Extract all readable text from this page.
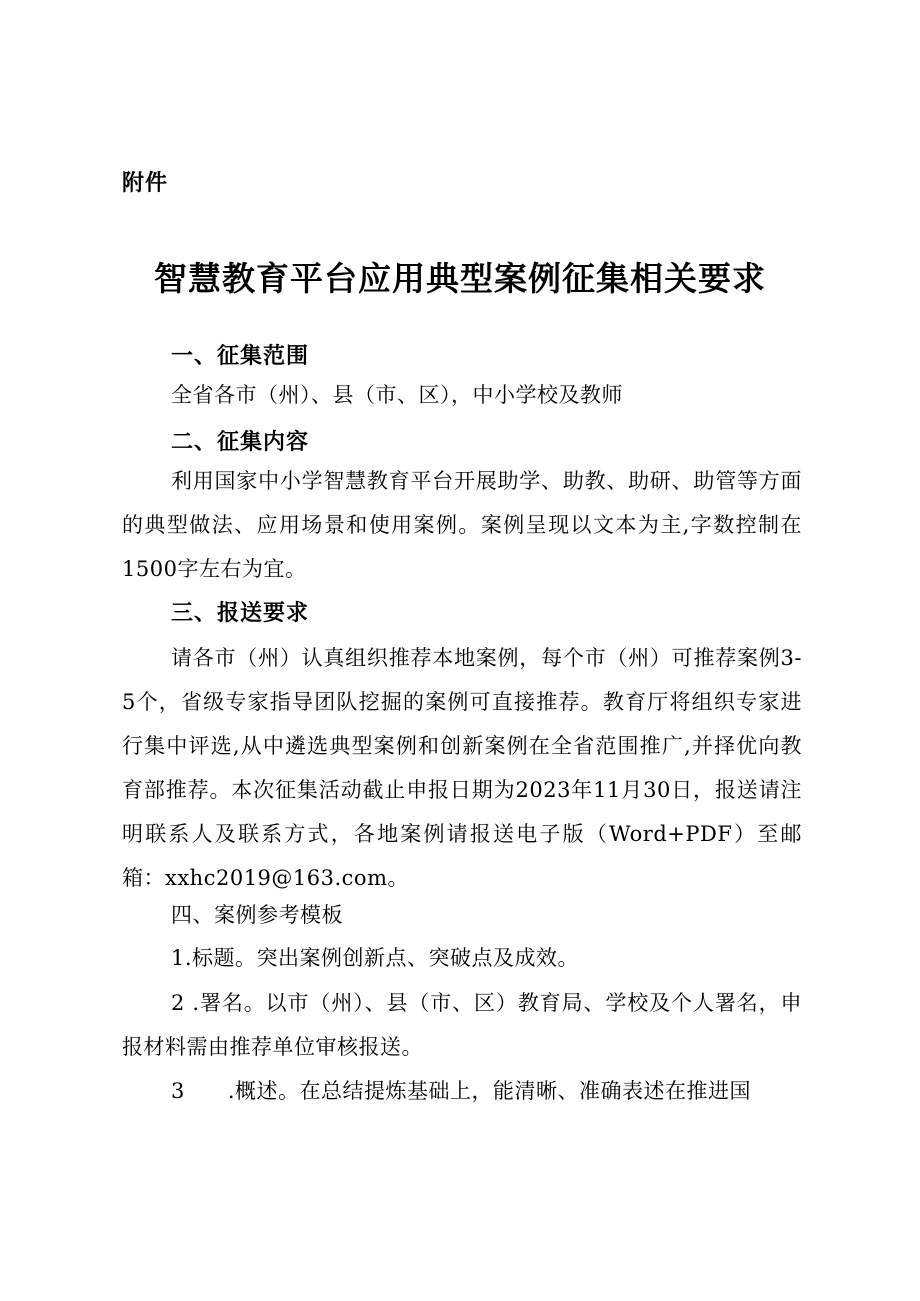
附件

智慧教育平台应用典型案例征集相关要求
一、征集范围

全省各市（州）、县（市、区），中小学校及教师

二、征集内容

利用国家中小学智慧教育平台开展助学、助教、助研、助管等方面的典型做法、应用场景和使用案例。案例呈现以文本为主,字数控制在1500字左右为宜。

三、报送要求

请各市（州）认真组织推荐本地案例，每个市（州）可推荐案例3-5个，省级专家指导团队挖掘的案例可直接推荐。教育厅将组织专家进行集中评选,从中遴选典型案例和创新案例在全省范围推广,并择优向教育部推荐。本次征集活动截止申报日期为2023年11月30日，报送请注明联系人及联系方式，各地案例请报送电子版（Word+PDF）至邮箱：xxhc2019@163.com。

四、案例参考模板

1.标题。突出案例创新点、突破点及成效。

2 .署名。以市（州）、县（市、区）教育局、学校及个人署名，申报材料需由推荐单位审核报送。

3　　.概述。在总结提炼基础上，能清晰、准确表述在推进国
